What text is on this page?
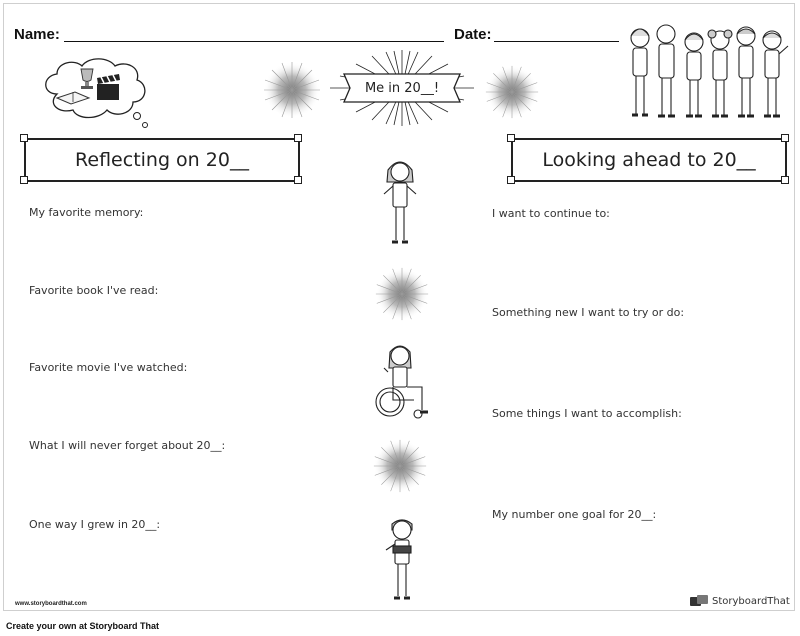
Name:	Date:
Me in 20__!
Reflecting on 20__	Looking ahead to 20__
My favorite memory:
Favorite book I've read:
Favorite movie I've watched:
What I will never forget about 20__:
One way I grew in 20__:
I want to continue to:
Something new I want to try or do:
Some things I want to accomplish:
My number one goal for 20__:
www.storyboardthat.com	StoryboardThat
Create your own at Storyboard That
